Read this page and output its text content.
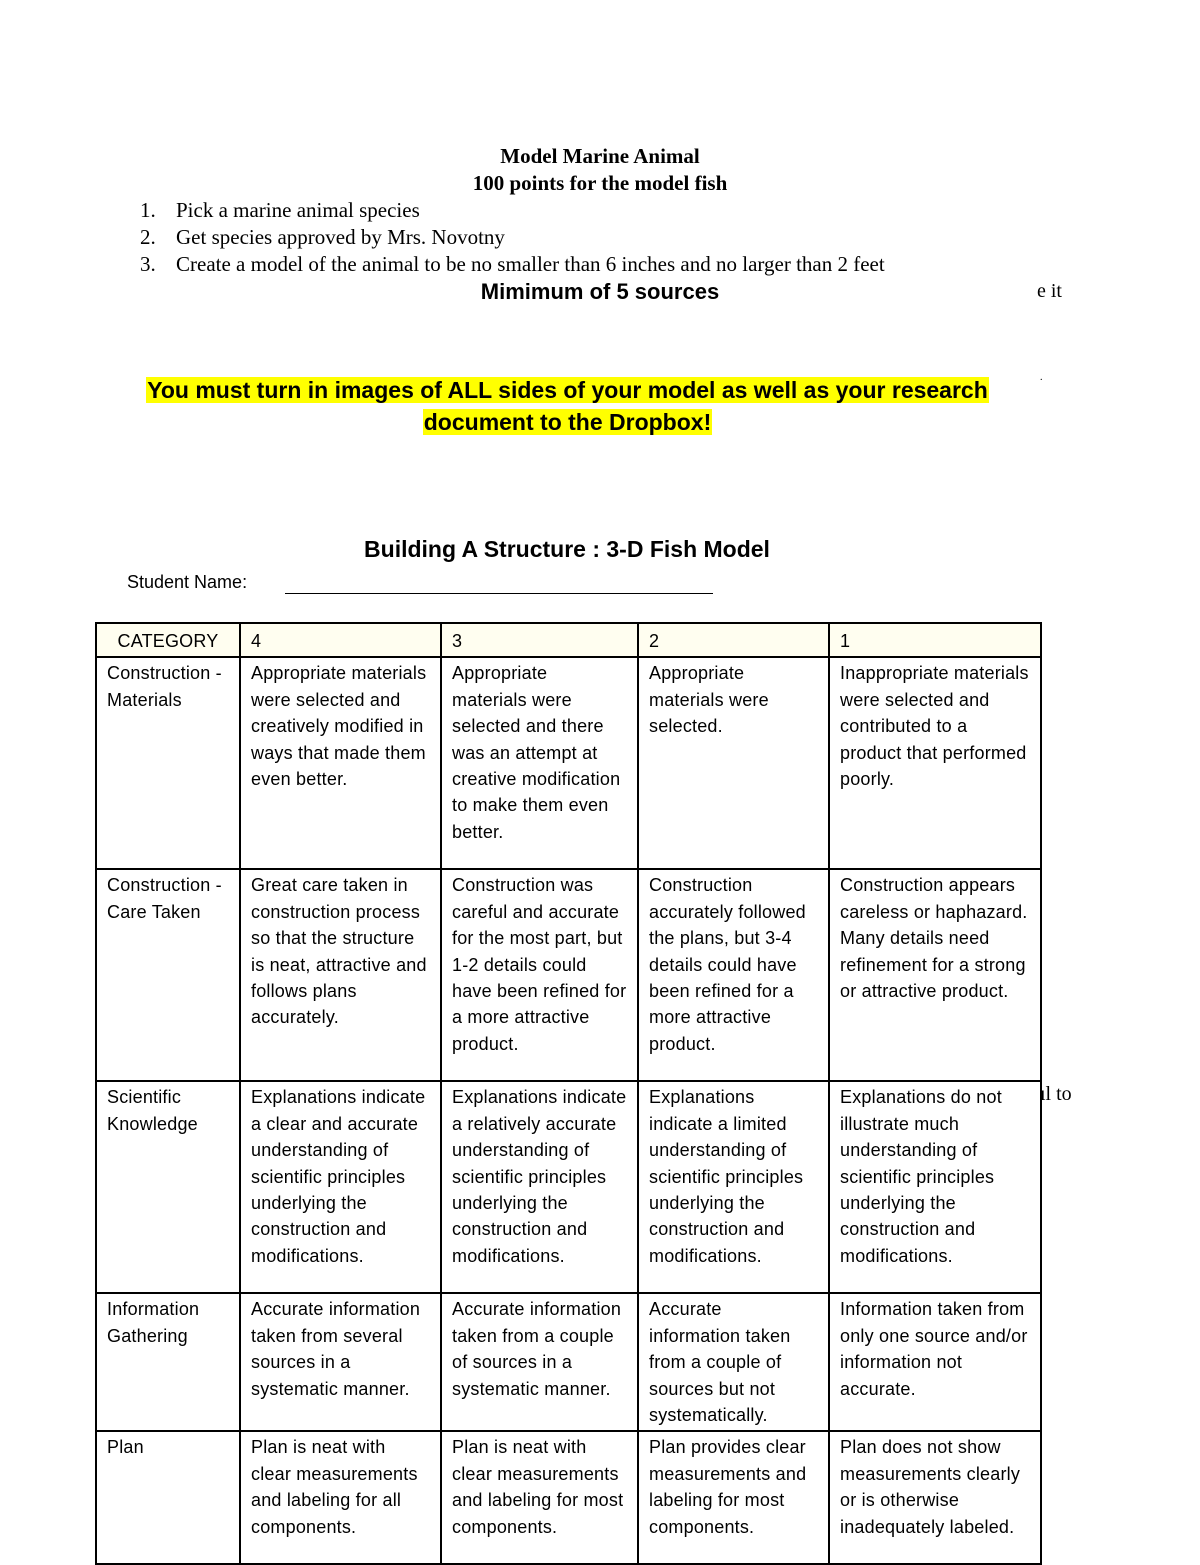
Model Marine Animal
100 points for the model fish
1. Pick a marine animal species
2. Get species approved by Mrs. Novotny
3. Create a model of the animal to be no smaller than 6 inches and no larger than 2 feet
Mimimum of 5 sources	e it
.
You must turn in images of ALL sides of your model as well as your research
document to the Dropbox!
Building A Structure : 3-D Fish Model
Student Name:
CATEGORY	4	3	2	1
Construction -Materials	Appropriate materials were selected and creatively modified in ways that made them even better.	Appropriate materials were selected and there was an attempt at creative modification to make them even better.	Appropriate materials were selected.	Inappropriate materials were selected and contributed to a product that performed poorly.
Construction - Care Taken	Great care taken in construction process so that the structure is neat, attractive and follows plans accurately.	Construction was careful and accurate for the most part, but 1-2 details could have been refined for a more attractive product.	Construction accurately followed the plans, but 3-4 details could have been refined for a more attractive product.	Construction appears careless or haphazard. Many details need refinement for a strong or attractive product.
Scientific Knowledge	Explanations indicate a clear and accurate understanding of scientific principles underlying the construction and modifications.	Explanations indicate a relatively accurate understanding of scientific principles underlying the construction and modifications.	Explanations indicate a limited understanding of scientific principles underlying the construction and modifications.	Explanations do not illustrate much understanding of scientific principles underlying the construction and modifications.
Information Gathering	Accurate information taken from several sources in a systematic manner.	Accurate information taken from a couple of sources in a systematic manner.	Accurate information taken from a couple of sources but not systematically.	Information taken from only one source and/or information not accurate.
Plan	Plan is neat with clear measurements and labeling for all components.	Plan is neat with clear measurements and labeling for most components.	Plan provides clear measurements and labeling for most components.	Plan does not show measurements clearly or is otherwise inadequately labeled.
ıl to
